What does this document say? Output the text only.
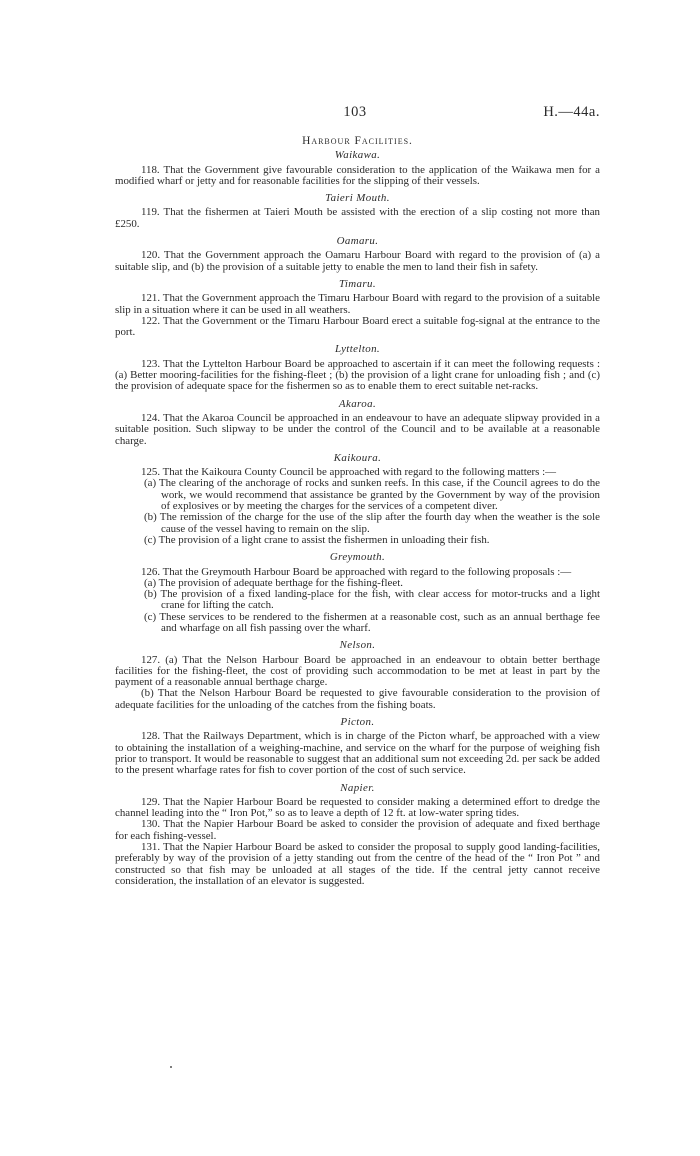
103	H.—44a.
Harbour Facilities.
Waikawa.

118. That the Government give favourable consideration to the application of the Waikawa men for a modified wharf or jetty and for reasonable facilities for the slipping of their vessels.

Taieri Mouth.

119. That the fishermen at Taieri Mouth be assisted with the erection of a slip costing not more than £250.

Oamaru.

120. That the Government approach the Oamaru Harbour Board with regard to the provision of (a) a suitable slip, and (b) the provision of a suitable jetty to enable the men to land their fish in safety.

Timaru.

121. That the Government approach the Timaru Harbour Board with regard to the provision of a suitable slip in a situation where it can be used in all weathers.

122. That the Government or the Timaru Harbour Board erect a suitable fog-signal at the entrance to the port.

Lyttelton.

123. That the Lyttelton Harbour Board be approached to ascertain if it can meet the following requests : (a) Better mooring-facilities for the fishing-fleet ; (b) the provision of a light crane for unloading fish ; and (c) the provision of adequate space for the fishermen so as to enable them to erect suitable net-racks.

Akaroa.

124. That the Akaroa Council be approached in an endeavour to have an adequate slipway provided in a suitable position. Such slipway to be under the control of the Council and to be available at a reasonable charge.

Kaikoura.

125. That the Kaikoura County Council be approached with regard to the following matters :—

(a) The clearing of the anchorage of rocks and sunken reefs. In this case, if the Council agrees to do the work, we would recommend that assistance be granted by the Government by way of the provision of explosives or by meeting the charges for the services of a competent diver.

(b) The remission of the charge for the use of the slip after the fourth day when the weather is the sole cause of the vessel having to remain on the slip.

(c) The provision of a light crane to assist the fishermen in unloading their fish.

Greymouth.

126. That the Greymouth Harbour Board be approached with regard to the following proposals :—

(a) The provision of adequate berthage for the fishing-fleet.

(b) The provision of a fixed landing-place for the fish, with clear access for motor-trucks and a light crane for lifting the catch.

(c) These services to be rendered to the fishermen at a reasonable cost, such as an annual berthage fee and wharfage on all fish passing over the wharf.

Nelson.

127. (a) That the Nelson Harbour Board be approached in an endeavour to obtain better berthage facilities for the fishing-fleet, the cost of providing such accommodation to be met at least in part by the payment of a reasonable annual berthage charge.

(b) That the Nelson Harbour Board be requested to give favourable consideration to the provision of adequate facilities for the unloading of the catches from the fishing boats.

Picton.

128. That the Railways Department, which is in charge of the Picton wharf, be approached with a view to obtaining the installation of a weighing-machine, and service on the wharf for the purpose of weighing fish prior to transport. It would be reasonable to suggest that an additional sum not exceeding 2d. per sack be added to the present wharfage rates for fish to cover portion of the cost of such service.

Napier.

129. That the Napier Harbour Board be requested to consider making a determined effort to dredge the channel leading into the “ Iron Pot,” so as to leave a depth of 12 ft. at low-water spring tides.

130. That the Napier Harbour Board be asked to consider the provision of adequate and fixed berthage for each fishing-vessel.

131. That the Napier Harbour Board be asked to consider the proposal to supply good landing-facilities, preferably by way of the provision of a jetty standing out from the centre of the head of the “ Iron Pot ” and constructed so that fish may be unloaded at all stages of the tide. If the central jetty cannot receive consideration, the installation of an elevator is suggested.
